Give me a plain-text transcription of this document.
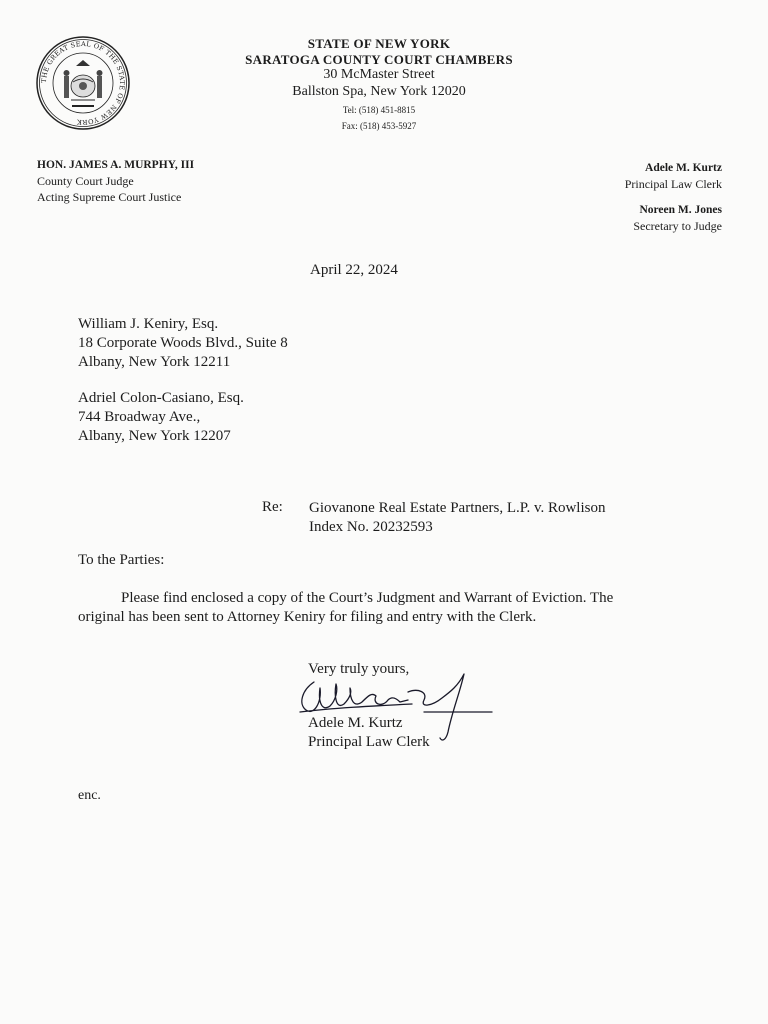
THE GREAT SEAL OF THE STATE OF NEW YORK
STATE OF NEW YORK
SARATOGA COUNTY COURT CHAMBERS
30 McMaster Street
Ballston Spa, New York 12020
Tel: (518) 451-8815
Fax: (518) 453-5927
HON. JAMES A. MURPHY, III
County Court Judge
Acting Supreme Court Justice
Adele M. Kurtz
Principal Law Clerk
Noreen M. Jones
Secretary to Judge
April 22, 2024
William J. Keniry, Esq.
18 Corporate Woods Blvd., Suite 8
Albany, New York 12211
Adriel Colon-Casiano, Esq.
744 Broadway Ave.,
Albany, New York 12207
Re: Giovanone Real Estate Partners, L.P. v. Rowlison
Index No. 20232593
To the Parties:
Please find enclosed a copy of the Court’s Judgment and Warrant of Eviction. The
original has been sent to Attorney Keniry for filing and entry with the Clerk.
Very truly yours,
Adele M. Kurtz
Principal Law Clerk
enc.
